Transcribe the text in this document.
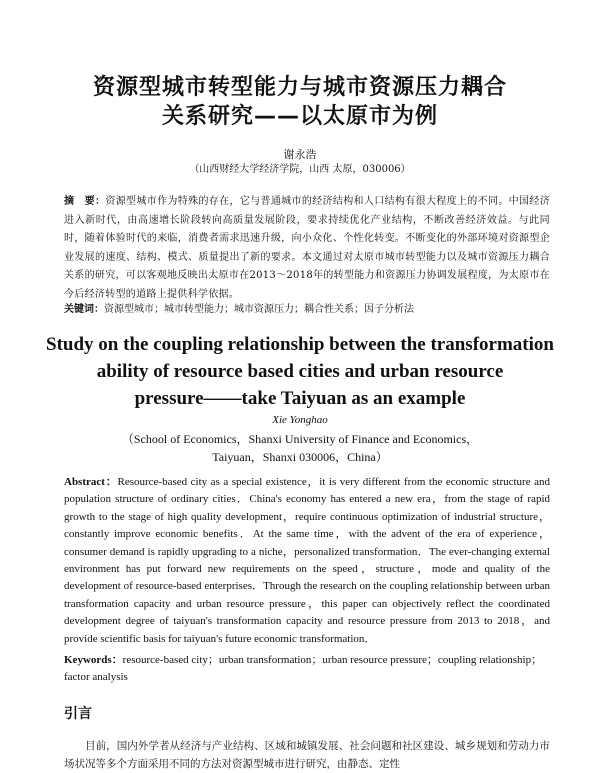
资源型城市转型能力与城市资源压力耦合
关系研究——以太原市为例
谢永浩
（山西财经大学经济学院，山西 太原，030006）
摘　要：资源型城市作为特殊的存在，它与普通城市的经济结构和人口结构有很大程度上的不同。中国经济进入新时代，由高速增长阶段转向高质量发展阶段，要求持续优化产业结构，不断改善经济效益。与此同时，随着体验时代的来临，消费者需求迅速升级，向小众化、个性化转变。不断变化的外部环境对资源型企业发展的速度、结构、模式、质量提出了新的要求。本文通过对太原市城市转型能力以及城市资源压力耦合关系的研究，可以客观地反映出太原市在2013～2018年的转型能力和资源压力协调发展程度，为太原市在今后经济转型的道路上提供科学依据。
关键词：资源型城市；城市转型能力；城市资源压力；耦合性关系；因子分析法
Study on the coupling relationship between the transformation
ability of resource based cities and urban resource
pressure——take Taiyuan as an example
Xie Yonghao
（School of Economics，Shanxi University of Finance and Economics，
Taiyuan，Shanxi 030006，China）
Abstract：Resource-based city as a special existence，it is very different from the economic structure and population structure of ordinary cities．China's economy has entered a new era，from the stage of rapid growth to the stage of high quality development，require continuous optimization of industrial structure，constantly improve economic benefits．At the same time，with the advent of the era of experience，consumer demand is rapidly upgrading to a niche，personalized transformation．The ever-changing external environment has put forward new requirements on the speed，structure，mode and quality of the development of resource-based enterprises．Through the research on the coupling relationship between urban transformation capacity and urban resource pressure，this paper can objectively reflect the coordinated development degree of taiyuan's transformation capacity and resource pressure from 2013 to 2018，and provide scientific basis for taiyuan's future economic transformation．
Keywords：resource-based city；urban transformation；urban resource pressure；coupling relationship；factor analysis
引言
目前，国内外学者从经济与产业结构、区域和城镇发展、社会问题和社区建设、城乡规划和劳动力市场状况等多个方面采用不同的方法对资源型城市进行研究，由静态、定性
